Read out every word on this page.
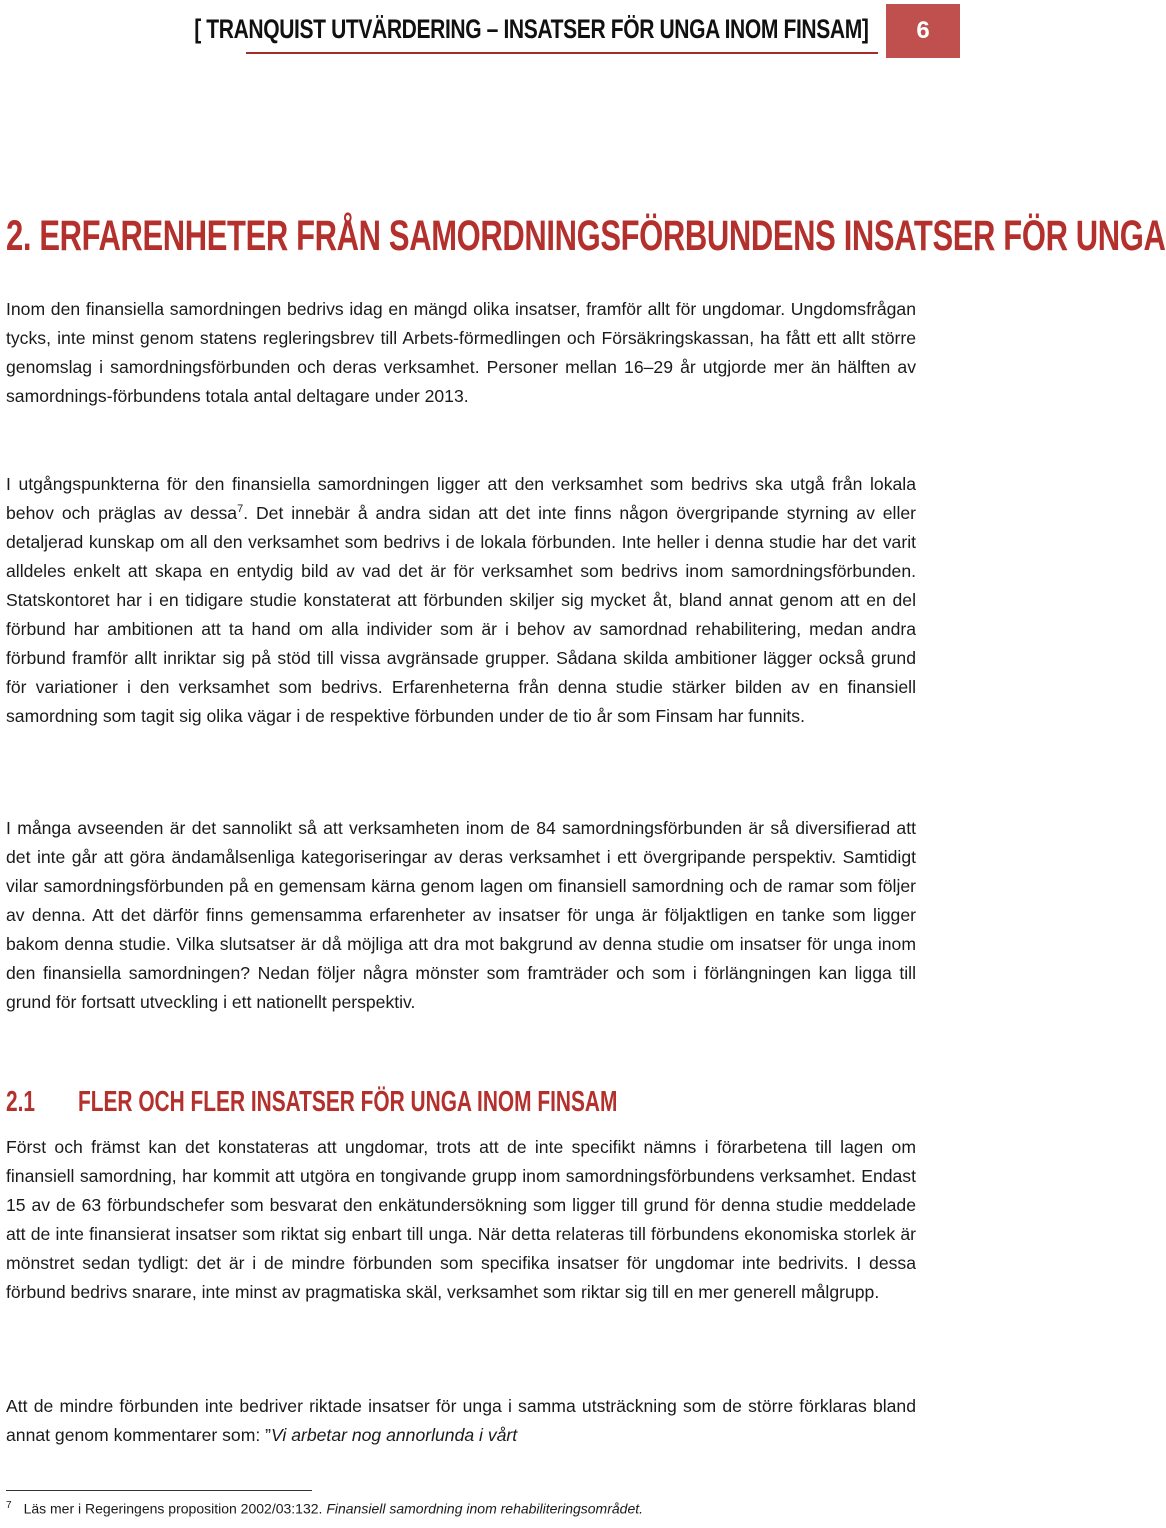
[ TRANQUIST UTVÄRDERING – INSATSER FÖR UNGA INOM FINSAM]	6
2. ERFARENHETER FRÅN SAMORDNINGSFÖRBUNDENS INSATSER FÖR UNGA

Inom den finansiella samordningen bedrivs idag en mängd olika insatser, framför allt för ungdomar. Ungdomsfrågan tycks, inte minst genom statens regleringsbrev till Arbets-förmedlingen och Försäkringskassan, ha fått ett allt större genomslag i samordningsförbunden och deras verksamhet. Personer mellan 16–29 år utgjorde mer än hälften av samordnings-förbundens totala antal deltagare under 2013.

I utgångspunkterna för den finansiella samordningen ligger att den verksamhet som bedrivs ska utgå från lokala behov och präglas av dessa$^7$. Det innebär å andra sidan att det inte finns någon övergripande styrning av eller detaljerad kunskap om all den verksamhet som bedrivs i de lokala förbunden. Inte heller i denna studie har det varit alldeles enkelt att skapa en entydig bild av vad det är för verksamhet som bedrivs inom samordningsförbunden. Statskontoret har i en tidigare studie konstaterat att förbunden skiljer sig mycket åt, bland annat genom att en del förbund har ambitionen att ta hand om alla individer som är i behov av samordnad rehabilitering, medan andra förbund framför allt inriktar sig på stöd till vissa avgränsade grupper. Sådana skilda ambitioner lägger också grund för variationer i den verksamhet som bedrivs. Erfarenheterna från denna studie stärker bilden av en finansiell samordning som tagit sig olika vägar i de respektive förbunden under de tio år som Finsam har funnits.

I många avseenden är det sannolikt så att verksamheten inom de 84 samordningsförbunden är så diversifierad att det inte går att göra ändamålsenliga kategoriseringar av deras verksamhet i ett övergripande perspektiv. Samtidigt vilar samordningsförbunden på en gemensam kärna genom lagen om finansiell samordning och de ramar som följer av denna. Att det därför finns gemensamma erfarenheter av insatser för unga är följaktligen en tanke som ligger bakom denna studie. Vilka slutsatser är då möjliga att dra mot bakgrund av denna studie om insatser för unga inom den finansiella samordningen? Nedan följer några mönster som framträder och som i förlängningen kan ligga till grund för fortsatt utveckling i ett nationellt perspektiv.

2.1 FLER OCH FLER INSATSER FÖR UNGA INOM FINSAM

Först och främst kan det konstateras att ungdomar, trots att de inte specifikt nämns i förarbetena till lagen om finansiell samordning, har kommit att utgöra en tongivande grupp inom samordningsförbundens verksamhet. Endast 15 av de 63 förbundschefer som besvarat den enkätundersökning som ligger till grund för denna studie meddelade att de inte finansierat insatser som riktat sig enbart till unga. När detta relateras till förbundens ekonomiska storlek är mönstret sedan tydligt: det är i de mindre förbunden som specifika insatser för ungdomar inte bedrivits. I dessa förbund bedrivs snarare, inte minst av pragmatiska skäl, verksamhet som riktar sig till en mer generell målgrupp.

Att de mindre förbunden inte bedriver riktade insatser för unga i samma utsträckning som de större förklaras bland annat genom kommentarer som: ”Vi arbetar nog annorlunda i vårt

$^7$ Läs mer i Regeringens proposition 2002/03:132. Finansiell samordning inom rehabiliteringsområdet.
